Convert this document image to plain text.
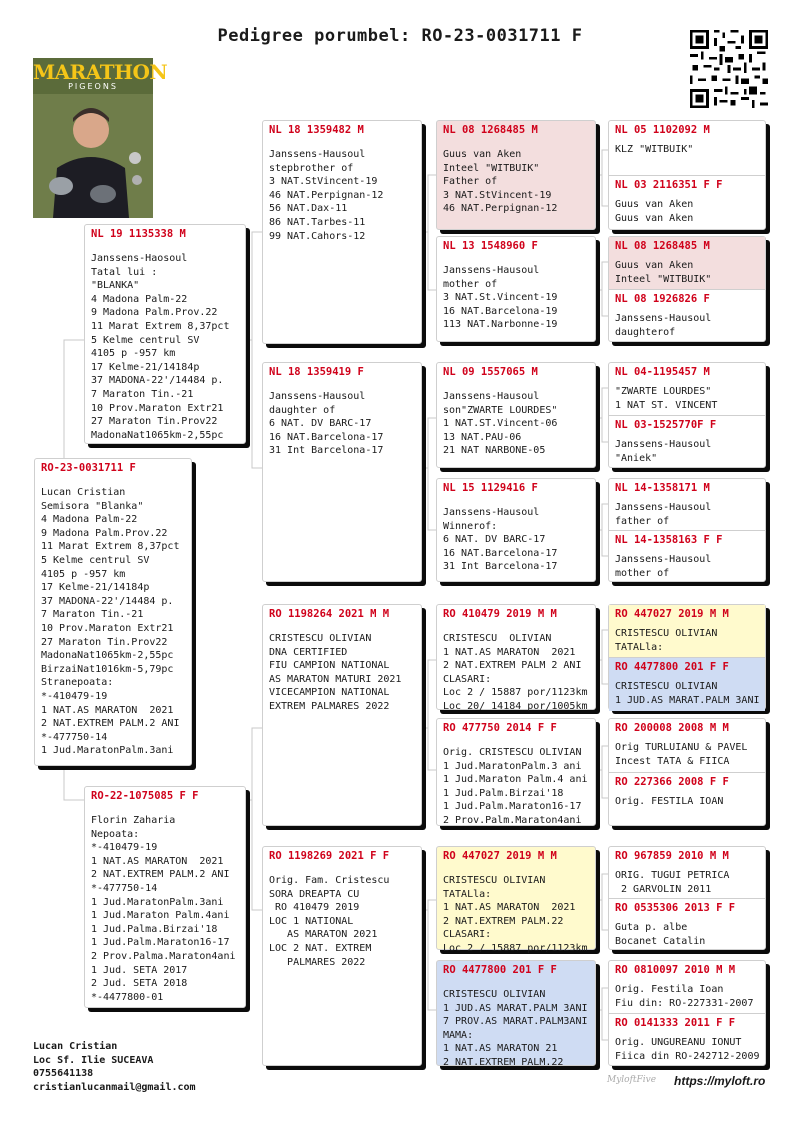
Pedigree porumbel: RO-23-0031711 F
MARATHON
PIGEONS
RO-23-0031711 F
Lucan Cristian
Semisora "Blanka"
4 Madona Palm-22
9 Madona Palm.Prov.22
11 Marat Extrem 8,37pct
5 Kelme centrul SV
4105 p -957 km
17 Kelme-21/14184p
37 MADONA-22'/14484 p.
7 Maraton Tin.-21
10 Prov.Maraton Extr21
27 Maraton Tin.Prov22
MadonaNat1065km-2,55pc
BirzaiNat1016km-5,79pc
Stranepoata:
*-410479-19
1 NAT.AS MARATON  2021
2 NAT.EXTREM PALM.2 ANI
*-477750-14
1 Jud.MaratonPalm.3ani
NL 19 1135338 M
Janssens-Haosoul
Tatal lui :
"BLANKA"
4 Madona Palm-22
9 Madona Palm.Prov.22
11 Marat Extrem 8,37pct
5 Kelme centrul SV
4105 p -957 km
17 Kelme-21/14184p
37 MADONA-22'/14484 p.
7 Maraton Tin.-21
10 Prov.Maraton Extr21
27 Maraton Tin.Prov22
MadonaNat1065km-2,55pc
RO-22-1075085 F F
Florin Zaharia
Nepoata:
*-410479-19
1 NAT.AS MARATON  2021
2 NAT.EXTREM PALM.2 ANI
*-477750-14
1 Jud.MaratonPalm.3ani
1 Jud.Maraton Palm.4ani
1 Jud.Palma.Birzai'18
1 Jud.Palm.Maraton16-17
2 Prov.Palma.Maraton4ani
1 Jud. SETA 2017
2 Jud. SETA 2018
*-4477800-01
NL 18 1359482 M
Janssens-Hausoul
stepbrother of
3 NAT.StVincent-19
46 NAT.Perpignan-12
56 NAT.Dax-11
86 NAT.Tarbes-11
99 NAT.Cahors-12
NL 18 1359419 F
Janssens-Hausoul
daughter of
6 NAT. DV BARC-17
16 NAT.Barcelona-17
31 Int Barcelona-17
RO 1198264 2021 M M
CRISTESCU OLIVIAN
DNA CERTIFIED
FIU CAMPION NATIONAL
AS MARATON MATURI 2021
VICECAMPION NATIONAL
EXTREM PALMARES 2022
RO 1198269 2021 F F
Orig. Fam. Cristescu
SORA DREAPTA CU
RO 410479 2019
LOC 1 NATIONAL
AS MARATON 2021
LOC 2 NAT. EXTREM
PALMARES 2022
NL 08 1268485 M
Guus van Aken
Inteel "WITBUIK"
Father of
3 NAT.StVincent-19
46 NAT.Perpignan-12
NL 13 1548960 F
Janssens-Hausoul
mother of
3 NAT.St.Vincent-19
16 NAT.Barcelona-19
113 NAT.Narbonne-19
NL 09 1557065 M
Janssens-Hausoul
son"ZWARTE LOURDES"
1 NAT.ST.Vincent-06
13 NAT.PAU-06
21 NAT NARBONE-05
NL 15 1129416 F
Janssens-Hausoul
Winnerof:
6 NAT. DV BARC-17
16 NAT.Barcelona-17
31 Int Barcelona-17
RO 410479 2019 M M
CRISTESCU  OLIVIAN
1 NAT.AS MARATON  2021
2 NAT.EXTREM PALM 2 ANI
CLASARI:
Loc 2 / 15887 por/1123km
Loc 20/ 14184 por/1005km
RO 477750 2014 F F
Orig. CRISTESCU OLIVIAN
1 Jud.MaratonPalm.3 ani
1 Jud.Maraton Palm.4 ani
1 Jud.Palm.Birzai'18
1 Jud.Palm.Maraton16-17
2 Prov.Palm.Maraton4ani
RO 447027 2019 M M
CRISTESCU OLIVIAN
TATALla:
1 NAT.AS MARATON  2021
2 NAT.EXTREM PALM.22
CLASARI:
Loc 2 / 15887 por/1123km
RO 4477800 201 F F
CRISTESCU OLIVIAN
1 JUD.AS MARAT.PALM 3ANI
7 PROV.AS MARAT.PALM3ANI
MAMA:
1 NAT.AS MARATON 21
2 NAT.EXTREM PALM.22
NL 05 1102092 M
KLZ "WITBUIK"
NL 03 2116351 F F
Guus van Aken
Guus van Aken
NL 08 1268485 M
Guus van Aken
Inteel "WITBUIK"
NL 08 1926826 F
Janssens-Hausoul
daughterof
NL 04-1195457 M
"ZWARTE LOURDES"
1 NAT ST. VINCENT
NL 03-1525770F F
Janssens-Hausoul
"Aniek"
NL 14-1358171 M
Janssens-Hausoul
father of
NL 14-1358163 F F
Janssens-Hausoul
mother of
RO 447027 2019 M M
CRISTESCU OLIVIAN
TATALla:
RO 4477800 201 F F
CRISTESCU OLIVIAN
1 JUD.AS MARAT.PALM 3ANI
RO 200008 2008 M M
Orig TURLUIANU & PAVEL
Incest TATA & FIICA
RO 227366 2008 F F
Orig. FESTILA IOAN
RO 967859 2010 M M
ORIG. TUGUI PETRICA
2 GARVOLIN 2011
RO 0535306 2013 F F
Guta p. albe
Bocanet Catalin
RO 0810097 2010 M M
Orig. Festila Ioan
Fiu din: RO-227331-2007
RO 0141333 2011 F F
Orig. UNGUREANU IONUT
Fiica din RO-242712-2009
Lucan Cristian
Loc Sf. Ilie SUCEAVA
0755641138
cristianlucanmail@gmail.com
MyloftFive https://myloft.ro
